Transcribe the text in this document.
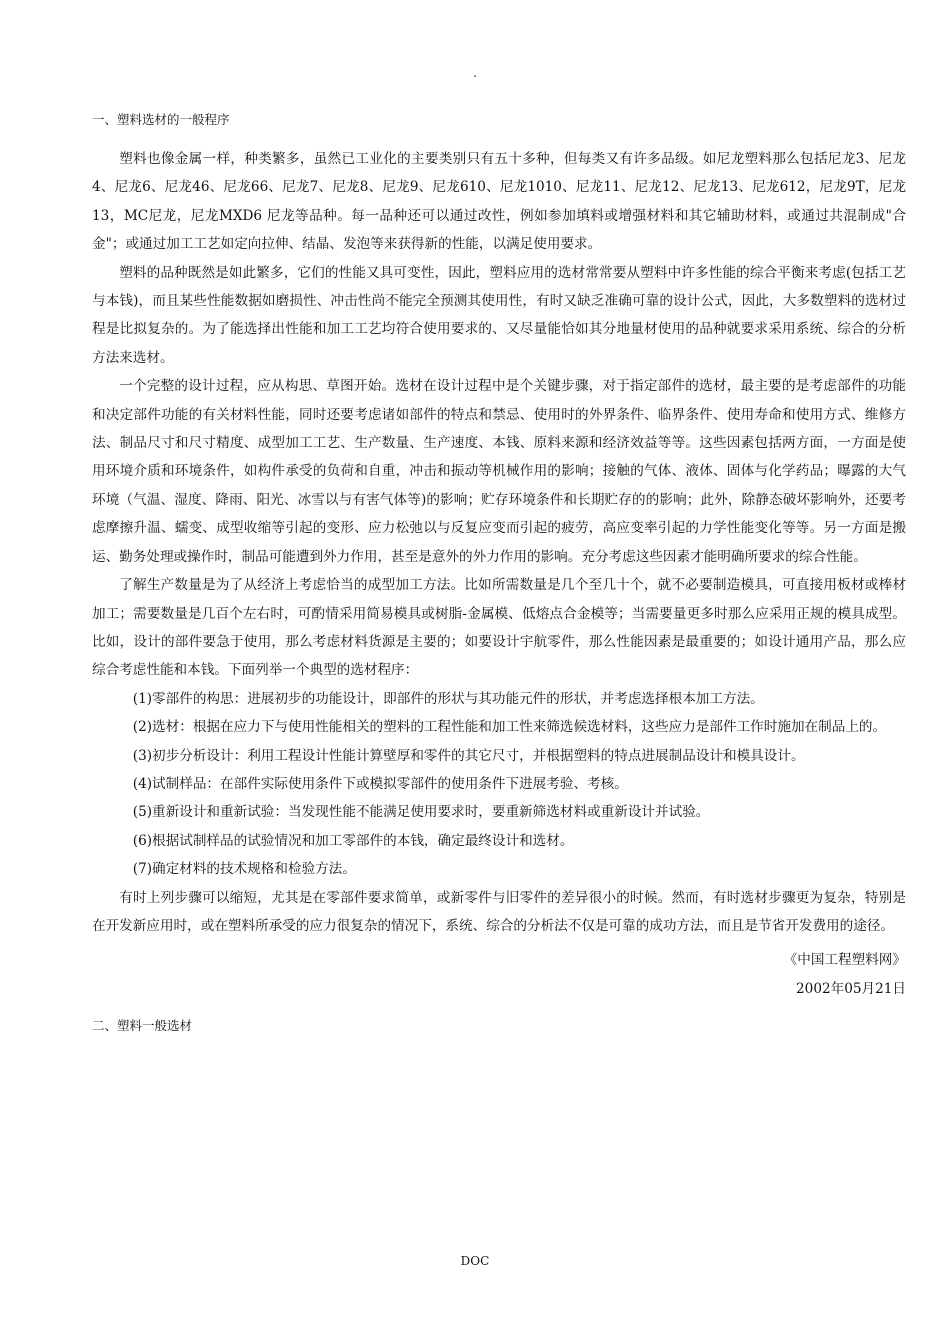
.
一、塑料选材的一般程序

塑料也像金属一样，种类繁多，虽然已工业化的主要类别只有五十多种，但每类又有许多品级。如尼龙塑料那么包括尼龙3、尼龙4、尼龙6、尼龙46、尼龙66、尼龙7、尼龙8、尼龙9、尼龙610、尼龙1010、尼龙11、尼龙12、尼龙13、尼龙612，尼龙9T，尼龙13，MC尼龙，尼龙MXD6 尼龙等品种。每一品种还可以通过改性，例如参加填料或增强材料和其它辅助材料，或通过共混制成"合金"；或通过加工工艺如定向拉伸、结晶、发泡等来获得新的性能，以满足使用要求。

塑料的品种既然是如此繁多，它们的性能又具可变性，因此，塑料应用的选材常常要从塑料中许多性能的综合平衡来考虑(包括工艺与本钱)，而且某些性能数据如磨损性、冲击性尚不能完全预测其使用性，有时又缺乏准确可靠的设计公式，因此，大多数塑料的选材过程是比拟复杂的。为了能选择出性能和加工工艺均符合使用要求的、又尽量能恰如其分地量材使用的品种就要求采用系统、综合的分析方法来选材。

一个完整的设计过程，应从构思、草图开始。选材在设计过程中是个关键步骤，对于指定部件的选材，最主要的是考虑部件的功能和决定部件功能的有关材料性能，同时还要考虑诸如部件的特点和禁忌、使用时的外界条件、临界条件、使用寿命和使用方式、维修方法、制品尺寸和尺寸精度、成型加工工艺、生产数量、生产速度、本钱、原料来源和经济效益等等。这些因素包括两方面，一方面是使用环境介质和环境条件，如构件承受的负荷和自重，冲击和振动等机械作用的影响；接触的气体、液体、固体与化学药品；曝露的大气环境（气温、湿度、降雨、阳光、冰雪以与有害气体等)的影响；贮存环境条件和长期贮存的的影响；此外，除静态破坏影响外，还要考虑摩擦升温、蠕变、成型收缩等引起的变形、应力松弛以与反复应变而引起的疲劳，高应变率引起的力学性能变化等等。另一方面是搬运、勤务处理或操作时，制品可能遭到外力作用，甚至是意外的外力作用的影响。充分考虑这些因素才能明确所要求的综合性能。

了解生产数量是为了从经济上考虑恰当的成型加工方法。比如所需数量是几个至几十个，就不必要制造模具，可直接用板材或棒材加工；需要数量是几百个左右时，可酌情采用简易模具或树脂-金属模、低熔点合金模等；当需要量更多时那么应采用正规的模具成型。比如，设计的部件要急于使用，那么考虑材料货源是主要的；如要设计宇航零件，那么性能因素是最重要的；如设计通用产品，那么应综合考虑性能和本钱。下面列举一个典型的选材程序：

(1)零部件的构思：进展初步的功能设计，即部件的形状与其功能元件的形状，并考虑选择根本加工方法。

(2)选材：根据在应力下与使用性能相关的塑料的工程性能和加工性来筛选候选材料，这些应力是部件工作时施加在制品上的。

(3)初步分析设计：利用工程设计性能计算壁厚和零件的其它尺寸，并根据塑料的特点进展制品设计和模具设计。

(4)试制样品：在部件实际使用条件下或模拟零部件的使用条件下进展考验、考核。

(5)重新设计和重新试验：当发现性能不能满足使用要求时，要重新筛选材料或重新设计并试验。

(6)根据试制样品的试验情况和加工零部件的本钱，确定最终设计和选材。

(7)确定材料的技术规格和检验方法。

有时上列步骤可以缩短，尤其是在零部件要求简单，或新零件与旧零件的差异很小的时候。然而，有时选材步骤更为复杂，特别是在开发新应用时，或在塑料所承受的应力很复杂的情况下，系统、综合的分析法不仅是可靠的成功方法，而且是节省开发费用的途径。

《中国工程塑料网》

2002年05月21日

二、塑料一般选材
DOC
